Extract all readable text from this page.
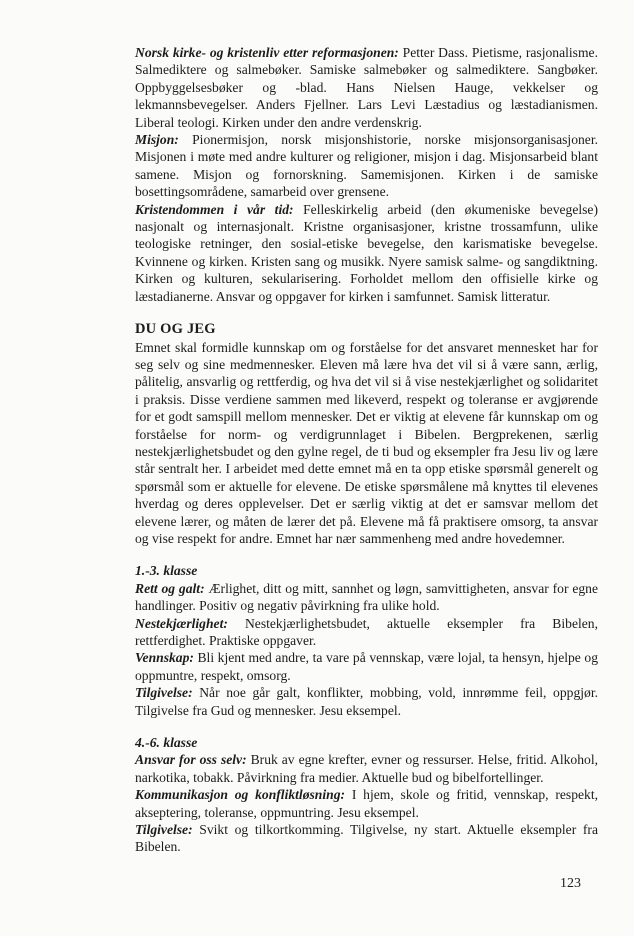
Norsk kirke- og kristenliv etter reformasjonen: Petter Dass. Pietisme, rasjonalisme. Salmediktere og salmebøker. Samiske salmebøker og salmediktere. Sangbøker. Oppbyggelsesbøker og -blad. Hans Nielsen Hauge, vekkelser og lekmannsbevegelser. Anders Fjellner. Lars Levi Læstadius og læstadianismen. Liberal teologi. Kirken under den andre verdenskrig.

Misjon: Pionermisjon, norsk misjonshistorie, norske misjonsorganisasjoner. Misjonen i møte med andre kulturer og religioner, misjon i dag. Misjonsarbeid blant samene. Misjon og fornorskning. Samemisjonen. Kirken i de samiske bosettingsområdene, samarbeid over grensene.

Kristendommen i vår tid: Felleskirkelig arbeid (den økumeniske bevegelse) nasjonalt og internasjonalt. Kristne organisasjoner, kristne trossamfunn, ulike teologiske retninger, den sosial-etiske bevegelse, den karismatiske bevegelse. Kvinnene og kirken. Kristen sang og musikk. Nyere samisk salme- og sangdiktning. Kirken og kulturen, sekularisering. Forholdet mellom den offisielle kirke og læstadianerne. Ansvar og oppgaver for kirken i samfunnet. Samisk litteratur.

DU OG JEG

Emnet skal formidle kunnskap om og forståelse for det ansvaret mennesket har for seg selv og sine medmennesker. Eleven må lære hva det vil si å være sann, ærlig, pålitelig, ansvarlig og rettferdig, og hva det vil si å vise nestekjærlighet og solidaritet i praksis. Disse verdiene sammen med likeverd, respekt og toleranse er avgjørende for et godt samspill mellom mennesker. Det er viktig at elevene får kunnskap om og forståelse for norm- og verdigrunnlaget i Bibelen. Bergprekenen, særlig nestekjærlighetsbudet og den gylne regel, de ti bud og eksempler fra Jesu liv og lære står sentralt her. I arbeidet med dette emnet må en ta opp etiske spørsmål generelt og spørsmål som er aktuelle for elevene. De etiske spørsmålene må knyttes til elevenes hverdag og deres opplevelser. Det er særlig viktig at det er samsvar mellom det elevene lærer, og måten de lærer det på. Elevene må få praktisere omsorg, ta ansvar og vise respekt for andre. Emnet har nær sammenheng med andre hovedemner.

1.-3. klasse

Rett og galt: Ærlighet, ditt og mitt, sannhet og løgn, samvittigheten, ansvar for egne handlinger. Positiv og negativ påvirkning fra ulike hold.

Nestekjærlighet: Nestekjærlighetsbudet, aktuelle eksempler fra Bibelen, rettferdighet. Praktiske oppgaver.

Vennskap: Bli kjent med andre, ta vare på vennskap, være lojal, ta hensyn, hjelpe og oppmuntre, respekt, omsorg.

Tilgivelse: Når noe går galt, konflikter, mobbing, vold, innrømme feil, oppgjør. Tilgivelse fra Gud og mennesker. Jesu eksempel.

4.-6. klasse

Ansvar for oss selv: Bruk av egne krefter, evner og ressurser. Helse, fritid. Alkohol, narkotika, tobakk. Påvirkning fra medier. Aktuelle bud og bibelfortellinger.

Kommunikasjon og konfliktløsning: I hjem, skole og fritid, vennskap, respekt, akseptering, toleranse, oppmuntring. Jesu eksempel.

Tilgivelse: Svikt og tilkortkomming. Tilgivelse, ny start. Aktuelle eksempler fra Bibelen.

123
